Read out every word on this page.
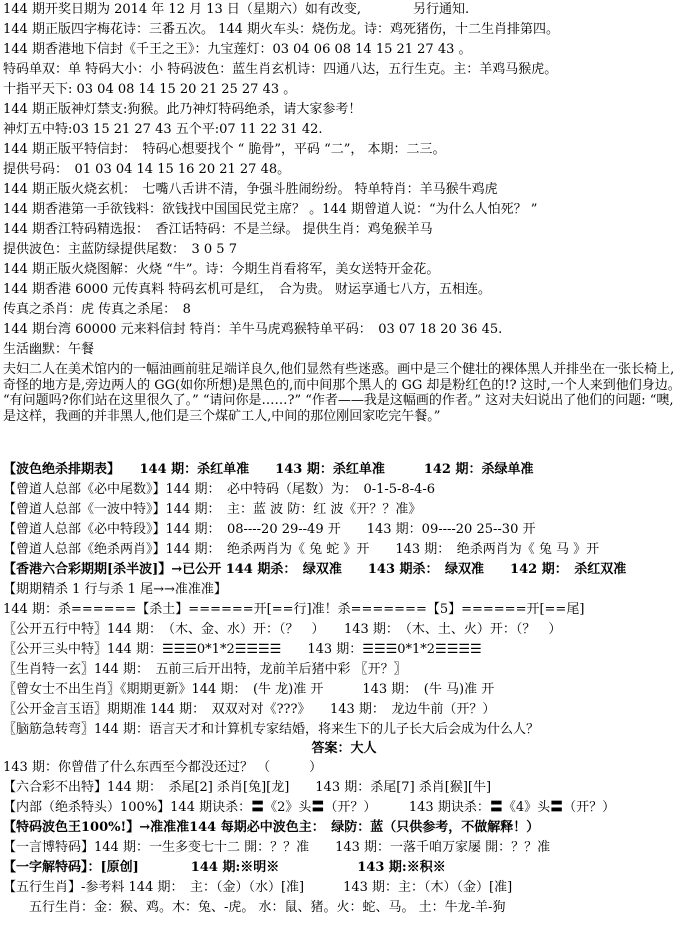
144 期开奖日期为 2014 年 12 月 13 日（星期六）如有改变,　　　　另行通知.
144 期正版四字梅花诗：三番五次。 144 期火车头：烧伤龙。诗：鸡死猪伤，十二生肖排第四。
144 期香港地下信封《千王之王》：九宝莲灯：03 04 06 08 14 15 21 27 43 。
特码单双：单 特码大小：小 特码波色：蓝生肖玄机诗：四通八达，五行生克。主：羊鸡马猴虎。
十指平天下: 03 04 08 14 15 20 21 25 27 43 。
144 期正版神灯禁支:狗猴。此乃神灯特码绝杀，请大家参考！
神灯五中特:03 15 21 27 43 五个平:07 11 22 31 42.
144 期正版平特信封：　特码心想要找个 “ 脆骨”，平码 “二”， 本期：二三。
提供号码：　01 03 04 14 15 16 20 21 27 48。
144 期正版火烧玄机：　七嘴八舌讲不清，争强斗胜闹纷纷。 特单特肖：羊马猴牛鸡虎
144 期香港第一手欲钱料：欲钱找中国国民党主席？ 。144 期曾道人说：“为什么人怕死？ ”
144 期香江特码精选报：　香江话特码：不是兰绿。 提供生肖：鸡兔猴羊马
提供波色：主蓝防绿提供尾数：　3 0 5 7
144 期正版火烧图解：火烧 “牛”。诗：今期生肖看将军，美女送特开金花。
144 期香港 6000 元传真料 特码玄机可是红，　合为贵。 财运享通七八方，五相连。
传真之杀肖：虎 传真之杀尾：　8
144 期台湾 60000 元来料信封 特肖：羊牛马虎鸡猴特单平码：　03 07 18 20 36 45.
生活幽默：午餐
夫妇二人在美术馆内的一幅油画前驻足端详良久,他们显然有些迷惑。画中是三个健壮的裸体黑人并排坐在一张长椅上, 奇怪的地方是,旁边两人的 GG(如你所想)是黑色的,而中间那个黑人的 GG 却是粉红色的!? 这时,一个人来到他们身边。 “有问题吗?你们站在这里很久了。” “请问你是……?” “作者——我是这幅画的作者。” 这对夫妇说出了他们的问题: “噢,是这样，我画的并非黑人,他们是三个煤矿工人,中间的那位刚回家吃完午餐。”
【波色绝杀排期表】　　144 期：杀红单准　　143 期：杀红单准　　　142 期：杀绿单准
【曾道人总部《必中尾数》】144 期：　必中特码（尾数）为：　0-1-5-8-4-6
【曾道人总部《一波中特》】144 期：　主：蓝 波 防：红 波《开？？准》
【曾道人总部《必中特段》】144 期：　08----20 29--49 开　　143 期：09----20 25--30 开
【曾道人总部《绝杀两肖》】144 期：　绝杀两肖为《 兔 蛇 》开　　143 期：　绝杀两肖为《 兔 马 》开
【香港六合彩期期[杀半波]】→已公开 144 期杀：　绿双准　　143 期杀：　绿双准　　142 期：　杀红双准
【期期精杀 1 行与杀 1 尾→→准准准】
144 期：杀======【杀土】======开[==行]准！杀=======【5】======开[==尾]
〖公开五行中特〗144 期：　（木、金、水）开：（？　）　　143 期：　（木、土、火）开：（？　）
〖公开三头中特〗144 期：☰☰☰0*1*2☰☰☰☰　　143 期：☰☰☰0*1*2☰☰☰☰
〖生肖特一玄〗144 期：　五前三后开出特，龙前羊后猪中彩 〖开？〗
〖曾女士不出生肖〗《期期更新》144 期：　(牛 龙)准 开　　　143 期：　(牛 马)准 开
〖公开金言玉语〗期期准 144 期：　双双对对《???》　　143 期：　龙边牛前（开？）
〖脑筋急转弯〗144 期：语言天才和计算机专家结婚，将来生下的儿子长大后会成为什么人？
答案：大人
143 期：你曾借了什么东西至今都没还过？ （　　　）
【六合彩不出特】144 期：　杀尾[2] 杀肖[兔][龙]　　143 期：杀尾[7] 杀肖[猴][牛]
【内部（绝杀特头）100%】144 期诀杀：〓《2》头〓（开？）　　　143 期诀杀：〓《4》头〓（开？）
【特码波色王100%!】→准准准144 每期必中波色主：　绿防：蓝（只供参考，不做解释！）
【一言博特码】144 期：一生多变七十二 開：？？准　　143 期：一落千咱万家屡 開：？？准
【一字解特码】：[原创]　　　　144 期:※明※　　　　　　143 期:※积※
【五行生肖】-参考料 144 期：　主：（金）（水）[准]　　　143 期：主：（木）（金）[准]
　　五行生肖：金：猴、鸡。木：兔、-虎。 水：鼠、猪。火：蛇、马。 土：牛龙-羊-狗
